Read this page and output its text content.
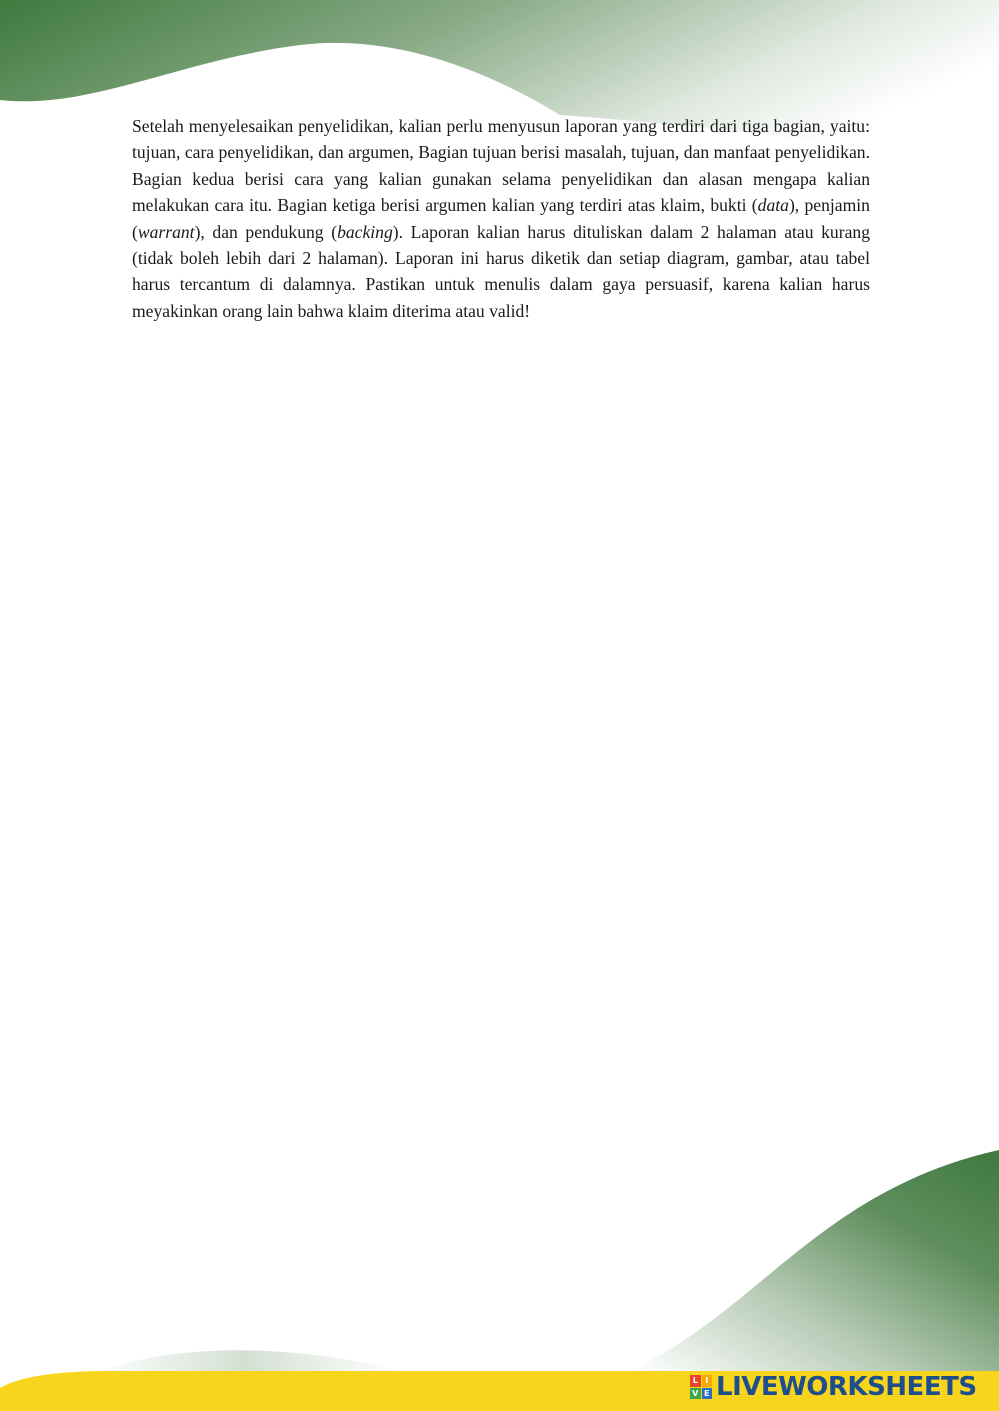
Setelah menyelesaikan penyelidikan, kalian perlu menyusun laporan yang terdiri dari tiga bagian, yaitu: tujuan, cara penyelidikan, dan argumen, Bagian tujuan berisi masalah, tujuan, dan manfaat penyelidikan. Bagian kedua berisi cara yang kalian gunakan selama penyelidikan dan alasan mengapa kalian melakukan cara itu. Bagian ketiga berisi argumen kalian yang terdiri atas klaim, bukti (data), penjamin (warrant), dan pendukung (backing). Laporan kalian harus dituliskan dalam 2 halaman atau kurang (tidak boleh lebih dari 2 halaman). Laporan ini harus diketik dan setiap diagram, gambar, atau tabel harus tercantum di dalamnya. Pastikan untuk menulis dalam gaya persuasif, karena kalian harus meyakinkan orang lain bahwa klaim diterima atau valid!
L I
V E LIVEWORKSHEETS
